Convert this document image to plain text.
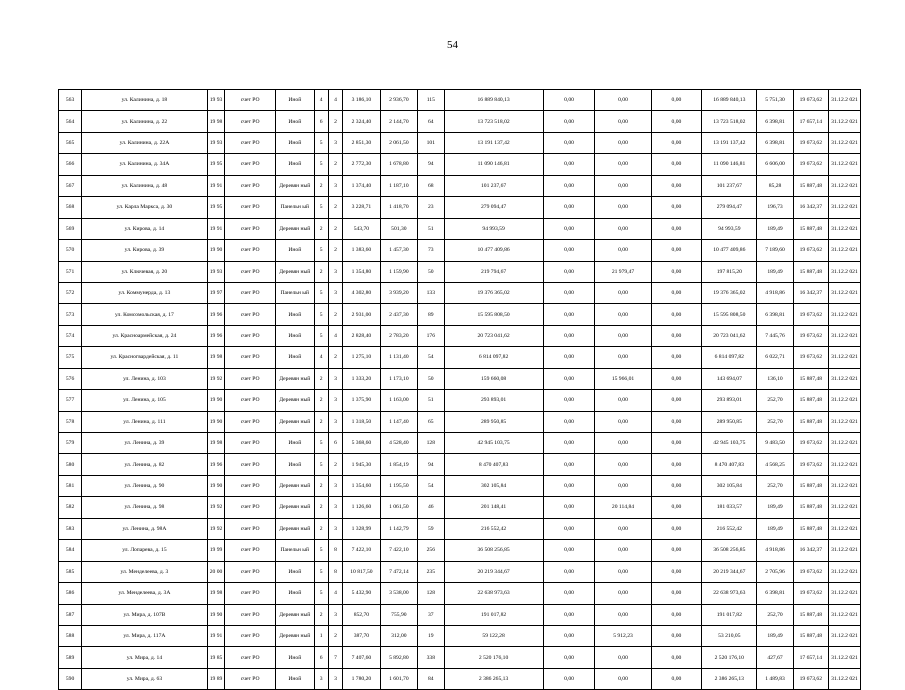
54
563	ул. Калинина, д. 18	19 93	счет РО	Иной	4	4	3 186,10	2 936,70	115	16 889 840,13	0,00	0,00	0,00	16 889 840,13	5 751,30	19 673,62	31.12.2 021
564	ул. Калинина, д. 22	19 98	счет РО	Иной	6	2	2 324,40	2 144,70	64	13 723 518,02	0,00	0,00	0,00	13 723 518,02	6 398,81	17 657,14	31.12.2 021
565	ул. Калинина, д. 22А	19 93	счет РО	Иной	5	3	2 851,30	2 061,50	101	13 191 137,42	0,00	0,00	0,00	13 191 137,42	6 398,81	19 673,62	31.12.2 021
566	ул. Калинина, д. 34А	19 95	счет РО	Иной	5	2	2 772,30	1 678,80	94	11 090 146,81	0,00	0,00	0,00	11 090 146,81	6 606,00	19 673,62	31.12.2 021
567	ул. Калинина, д. 48	19 91	счет РО	Деревян ный	2	3	1 374,40	1 187,10	68	101 237,67	0,00	0,00	0,00	101 237,67	85,28	15 887,48	31.12.2 021
568	ул. Карла Маркса, д. 30	19 95	счет РО	Панельн ый	5	2	3 228,71	1 418,70	23	279 094,47	0,00	0,00	0,00	279 094,47	196,73	16 342,37	31.12.2 021
569	ул. Кирова, д. 14	19 91	счет РО	Деревян ный	2	2	543,70	501,30	51	94 993,59	0,00	0,00	0,00	94 993,59	189,49	15 887,48	31.12.2 021
570	ул. Кирова, д. 39	19 90	счет РО	Иной	5	2	1 383,60	1 457,30	73	10 477 409,86	0,00	0,00	0,00	10 477 409,86	7 189,60	19 673,62	31.12.2 021
571	ул. Ключевая, д. 20	19 93	счет РО	Деревян ный	2	3	1 354,80	1 159,90	50	219 794,67	0,00	21 979,47	0,00	197 815,20	189,49	15 887,48	31.12.2 021
572	ул. Коммунерда, д. 13	19 97	счет РО	Панельн ый	5	3	4 302,80	3 939,20	133	19 376 365,02	0,00	0,00	0,00	19 376 365,02	4 918,86	16 342,37	31.12.2 021
573	ул. Комсомольская, д. 17	19 96	счет РО	Иной	5	2	2 931,00	2 437,30	89	15 595 808,50	0,00	0,00	0,00	15 595 808,50	6 398,81	19 673,62	31.12.2 021
574	ул. Красноармейская, д. 24	19 96	счет РО	Иной	5	4	2 828,40	2 783,20	176	20 723 041,62	0,00	0,00	0,00	20 723 041,62	7 445,76	19 673,62	31.12.2 021
575	ул. Красногвардейская, д. 11	19 98	счет РО	Иной	4	2	1 275,10	1 131,40	54	6 814 097,82	0,00	0,00	0,00	6 814 097,82	6 022,71	19 673,62	31.12.2 021
576	ул. Ленина, д. 103	19 92	счет РО	Деревян ный	2	3	1 333,20	1 173,10	50	159 660,08	0,00	15 966,01	0,00	143 694,07	136,10	15 887,48	31.12.2 021
577	ул. Ленина, д. 105	19 90	счет РО	Деревян ный	2	3	1 375,90	1 163,00	51	293 893,01	0,00	0,00	0,00	293 893,01	252,70	15 887,48	31.12.2 021
578	ул. Ленина, д. 111	19 90	счет РО	Деревян ный	2	3	1 318,50	1 147,40	65	289 950,85	0,00	0,00	0,00	289 950,85	252,70	15 887,48	31.12.2 021
579	ул. Ленина, д. 39	19 98	счет РО	Иной	5	6	5 368,60	4 528,40	128	42 945 103,75	0,00	0,00	0,00	42 945 103,75	9 483,50	19 673,62	31.12.2 021
580	ул. Ленина, д. 82	19 96	счет РО	Иной	5	2	1 945,30	1 854,19	94	8 470 407,83	0,00	0,00	0,00	8 470 407,83	4 568,25	19 673,62	31.12.2 021
581	ул. Ленина, д. 90	19 90	счет РО	Деревян ный	2	3	1 354,60	1 195,50	54	302 105,84	0,00	0,00	0,00	302 105,84	252,70	15 887,48	31.12.2 021
582	ул. Ленина, д. 98	19 92	счет РО	Деревян ный	2	3	1 126,60	1 061,50	46	201 148,41	0,00	20 114,84	0,00	181 033,57	189,49	15 887,48	31.12.2 021
583	ул. Ленина, д. 98А	19 92	счет РО	Деревян ный	2	3	1 328,99	1 142,79	59	216 552,42	0,00	0,00	0,00	216 552,42	189,49	15 887,48	31.12.2 021
584	ул. Лопарева, д. 15	19 99	счет РО	Панельн ый	5	8	7 422,10	7 422,10	256	36 508 256,85	0,00	0,00	0,00	36 508 256,85	4 918,86	16 342,37	31.12.2 021
585	ул. Менделеева, д. 3	20 00	счет РО	Иной	5	8	10 817,50	7 472,14	235	20 219 344,67	0,00	0,00	0,00	20 219 344,67	2 705,96	19 673,62	31.12.2 021
586	ул. Менделеева, д. 3А	19 98	счет РО	Иной	5	4	5 432,90	3 538,00	128	22 638 973,63	0,00	0,00	0,00	22 638 973,63	6 398,81	19 673,62	31.12.2 021
587	ул. Мира, д. 107В	19 90	счет РО	Деревян ный	2	3	852,70	755,90	37	191 017,82	0,00	0,00	0,00	191 017,82	252,70	15 887,48	31.12.2 021
588	ул. Мира, д. 117А	19 91	счет РО	Деревян ный	1	2	387,70	312,00	19	59 122,28	0,00	5 912,23	0,00	53 210,05	189,49	15 887,48	31.12.2 021
589	ул. Мира, д. 14	19 85	счет РО	Иной	6	7	7 407,60	5 892,80	338	2 520 176,10	0,00	0,00	0,00	2 520 176,10	427,67	17 657,14	31.12.2 021
590	ул. Мира, д. 63	19 89	счет РО	Иной	3	3	1 780,20	1 601,70	84	2 386 265,13	0,00	0,00	0,00	2 386 265,13	1 489,83	19 673,62	31.12.2 021
